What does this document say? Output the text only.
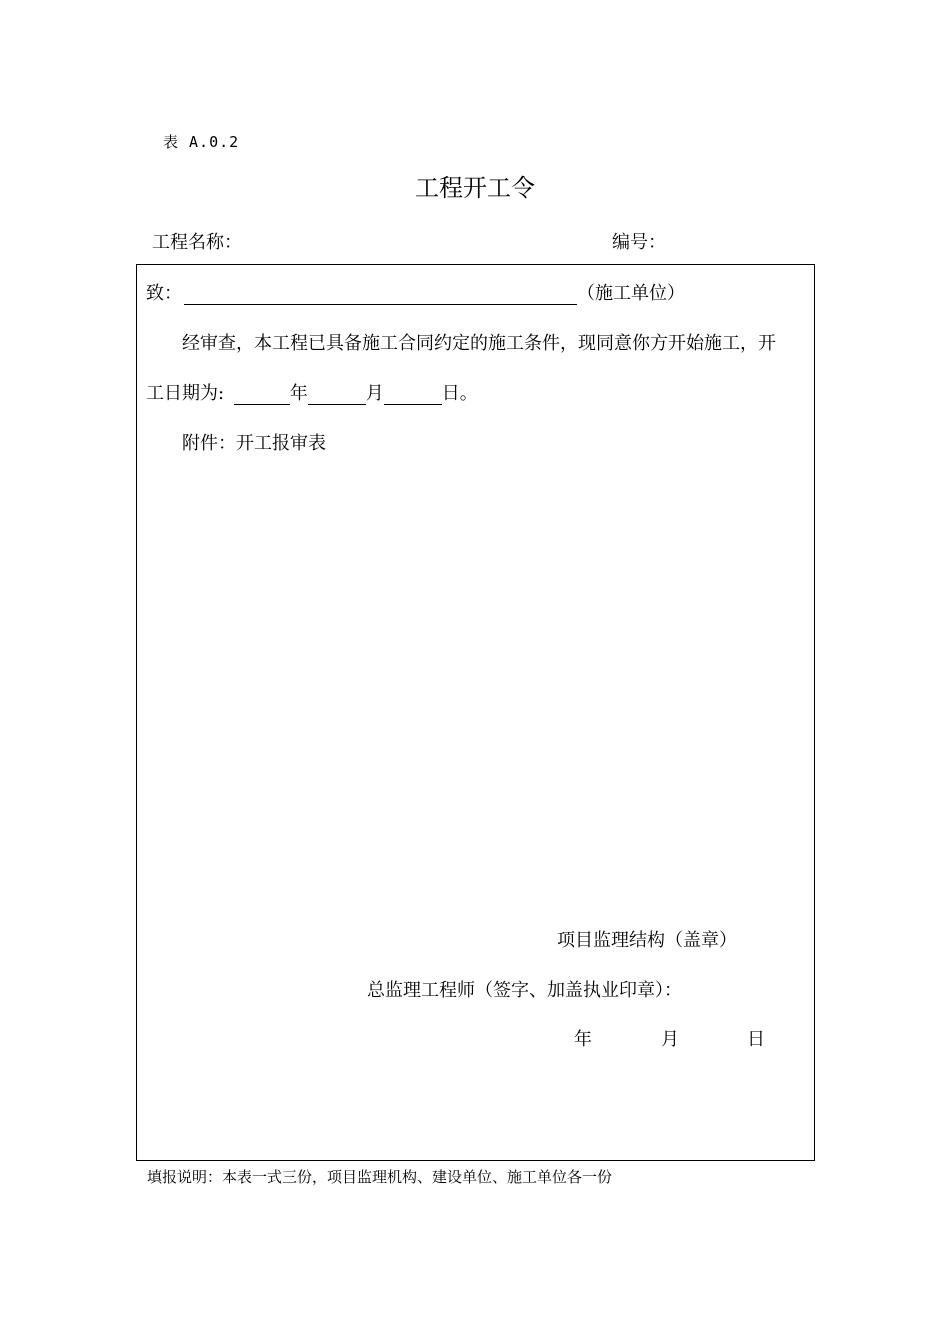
表 A.0.2
工程开工令
工程名称：	编号：
致：	（施工单位）
经审查，本工程已具备施工合同约定的施工条件，现同意你方开始施工，开
工日期为:	年	月	日。
附件：开工报审表
项目监理结构（盖章）
总监理工程师（签字、加盖执业印章）：
年	月	日
填报说明：本表一式三份，项目监理机构、建设单位、施工单位各一份
